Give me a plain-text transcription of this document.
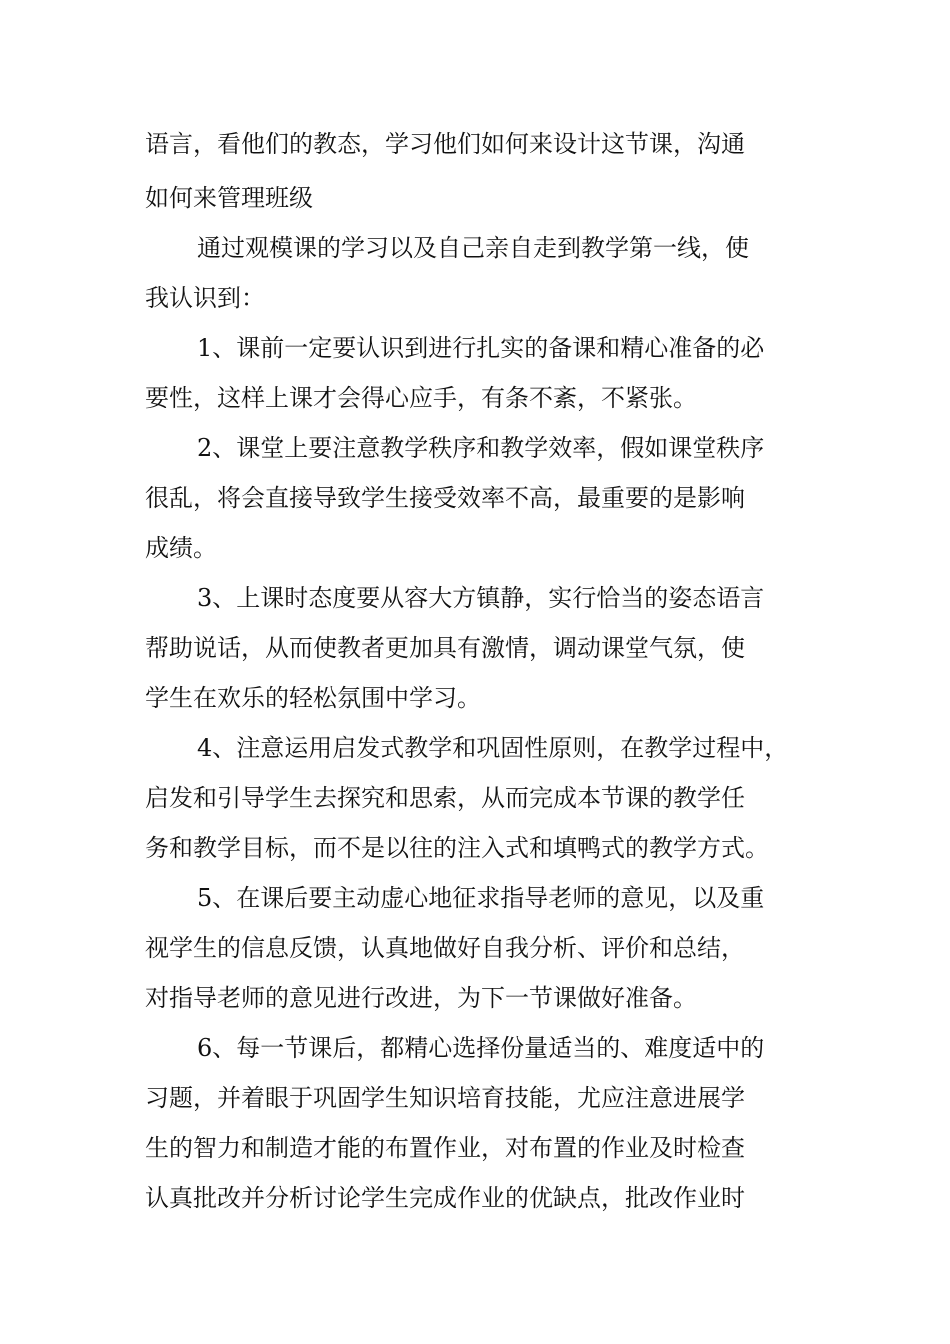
语言，看他们的教态，学习他们如何来设计这节课，沟通
如何来管理班级
通过观模课的学习以及自己亲自走到教学第一线，使
我认识到：
1、课前一定要认识到进行扎实的备课和精心准备的必
要性，这样上课才会得心应手，有条不紊，不紧张。
2、课堂上要注意教学秩序和教学效率，假如课堂秩序
很乱，将会直接导致学生接受效率不高，最重要的是影响
成绩。
3、上课时态度要从容大方镇静，实行恰当的姿态语言
帮助说话，从而使教者更加具有激情，调动课堂气氛，使
学生在欢乐的轻松氛围中学习。
4、注意运用启发式教学和巩固性原则，在教学过程中，
启发和引导学生去探究和思索，从而完成本节课的教学任
务和教学目标，而不是以往的注入式和填鸭式的教学方式。
5、在课后要主动虚心地征求指导老师的意见，以及重
视学生的信息反馈，认真地做好自我分析、评价和总结，
对指导老师的意见进行改进，为下一节课做好准备。
6、每一节课后，都精心选择份量适当的、难度适中的
习题，并着眼于巩固学生知识培育技能，尤应注意进展学
生的智力和制造才能的布置作业，对布置的作业及时检查
认真批改并分析讨论学生完成作业的优缺点，批改作业时
